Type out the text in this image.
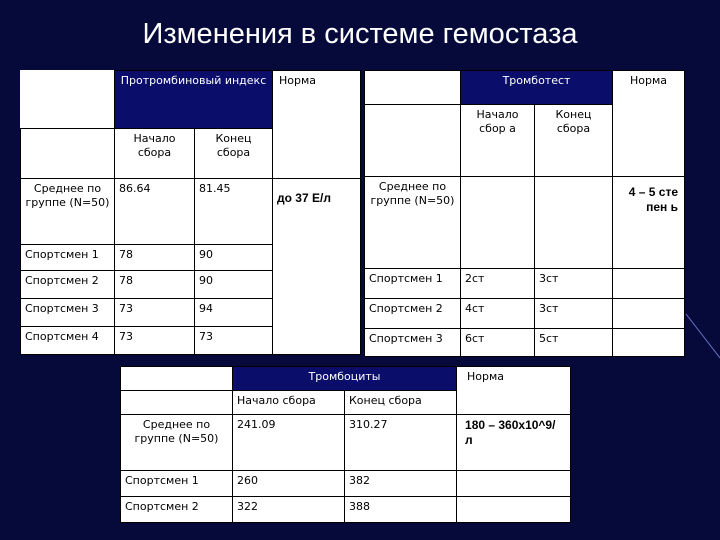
Изменения в системе гемостаза
	Протромбиновый индекс		Норма
	Начало сбора	Конец сбора	
Среднее по группе (N=50)	86.64	81.45	до 37 Е/л
Спортсмен 1	78	90	
Спортсмен 2	78	90	
Спортсмен 3	73	94	
Спортсмен 4	73	73	
	Тромботест		Норма
	Начало сбор а	Конец сбора	
Среднее по группе (N=50)			4 – 5 сте пен ь
Спортсмен 1	2ст	3ст	
Спортсмен 2	4ст	3ст	
Спортсмен 3	6ст	5ст	
	Тромбоциты		Норма
	Начало сбора	Конец сбора	
Среднее по группе (N=50)	241.09	310.27	180 – 360х10^9/л
Спортсмен 1	260	382	
Спортсмен 2	322	388	
